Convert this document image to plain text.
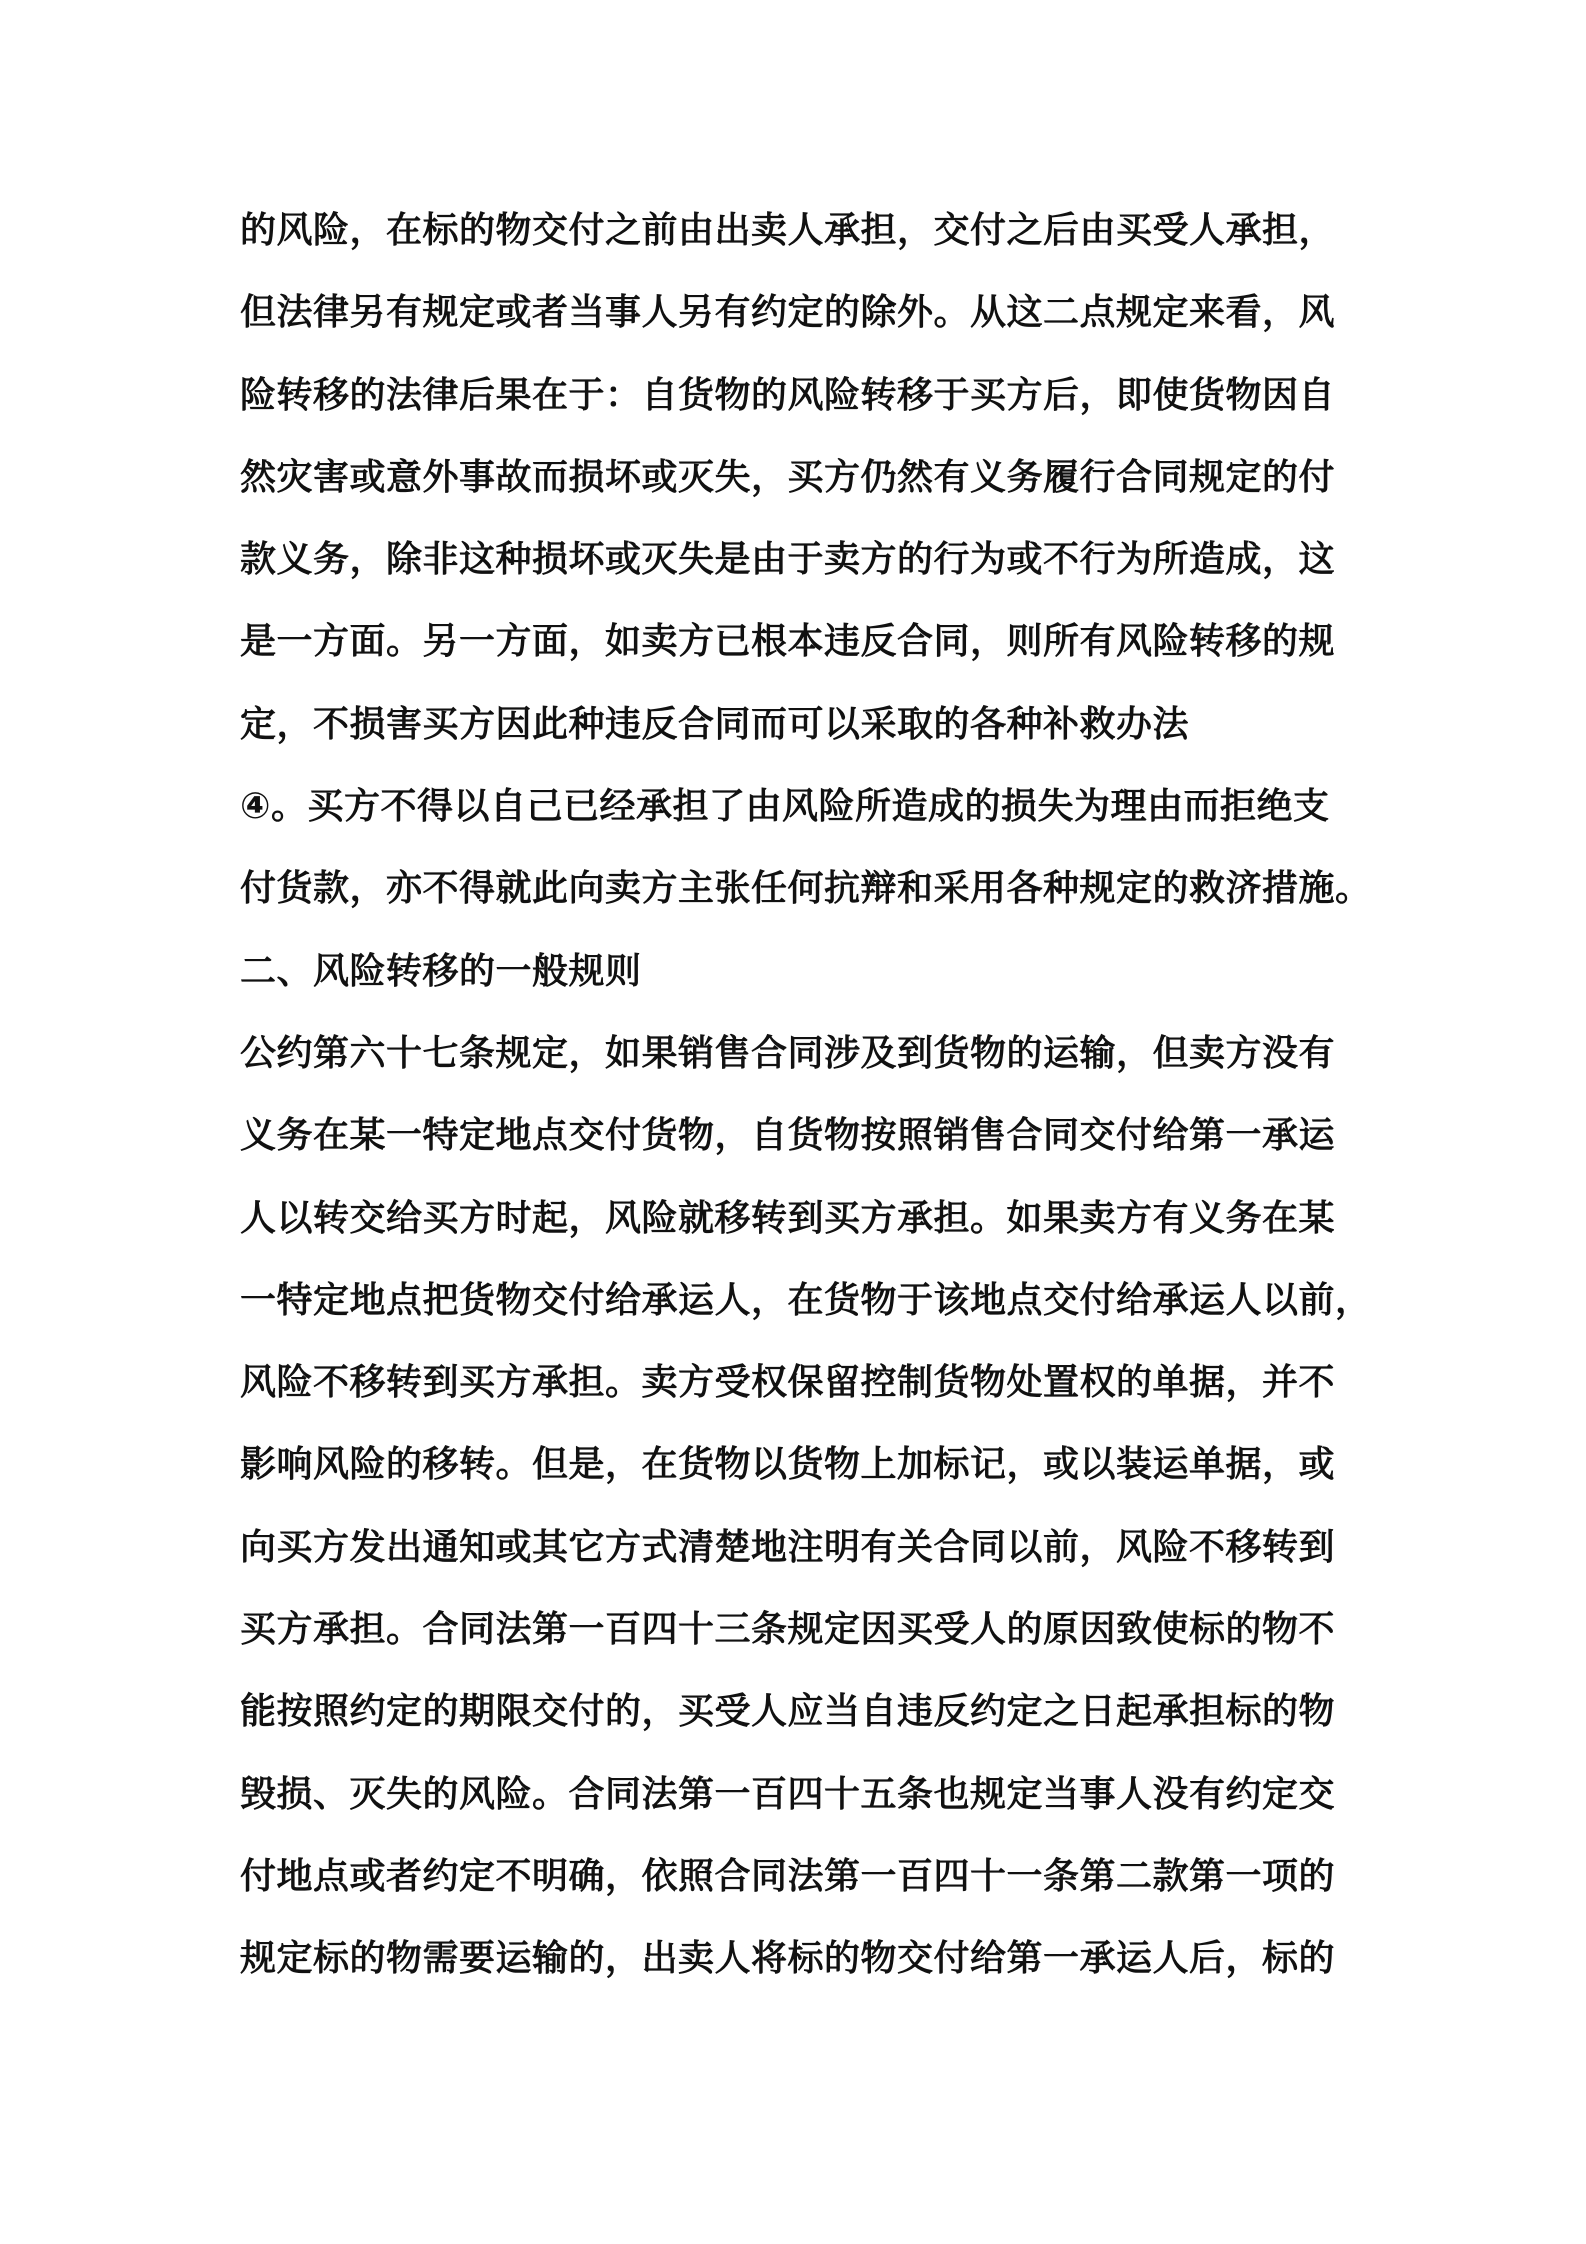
的风险，在标的物交付之前由出卖人承担，交付之后由买受人承担，
但法律另有规定或者当事人另有约定的除外。从这二点规定来看，风
险转移的法律后果在于：自货物的风险转移于买方后，即使货物因自
然灾害或意外事故而损坏或灭失，买方仍然有义务履行合同规定的付
款义务，除非这种损坏或灭失是由于卖方的行为或不行为所造成，这
是一方面。另一方面，如卖方已根本违反合同，则所有风险转移的规
定，不损害买方因此种违反合同而可以采取的各种补救办法
④。买方不得以自己已经承担了由风险所造成的损失为理由而拒绝支
付货款，亦不得就此向卖方主张任何抗辩和采用各种规定的救济措施。
二、风险转移的一般规则
公约第六十七条规定，如果销售合同涉及到货物的运输，但卖方没有
义务在某一特定地点交付货物，自货物按照销售合同交付给第一承运
人以转交给买方时起，风险就移转到买方承担。如果卖方有义务在某
一特定地点把货物交付给承运人，在货物于该地点交付给承运人以前，
风险不移转到买方承担。卖方受权保留控制货物处置权的单据，并不
影响风险的移转。但是，在货物以货物上加标记，或以装运单据，或
向买方发出通知或其它方式清楚地注明有关合同以前，风险不移转到
买方承担。合同法第一百四十三条规定因买受人的原因致使标的物不
能按照约定的期限交付的，买受人应当自违反约定之日起承担标的物
毁损、灭失的风险。合同法第一百四十五条也规定当事人没有约定交
付地点或者约定不明确，依照合同法第一百四十一条第二款第一项的
规定标的物需要运输的，出卖人将标的物交付给第一承运人后，标的
